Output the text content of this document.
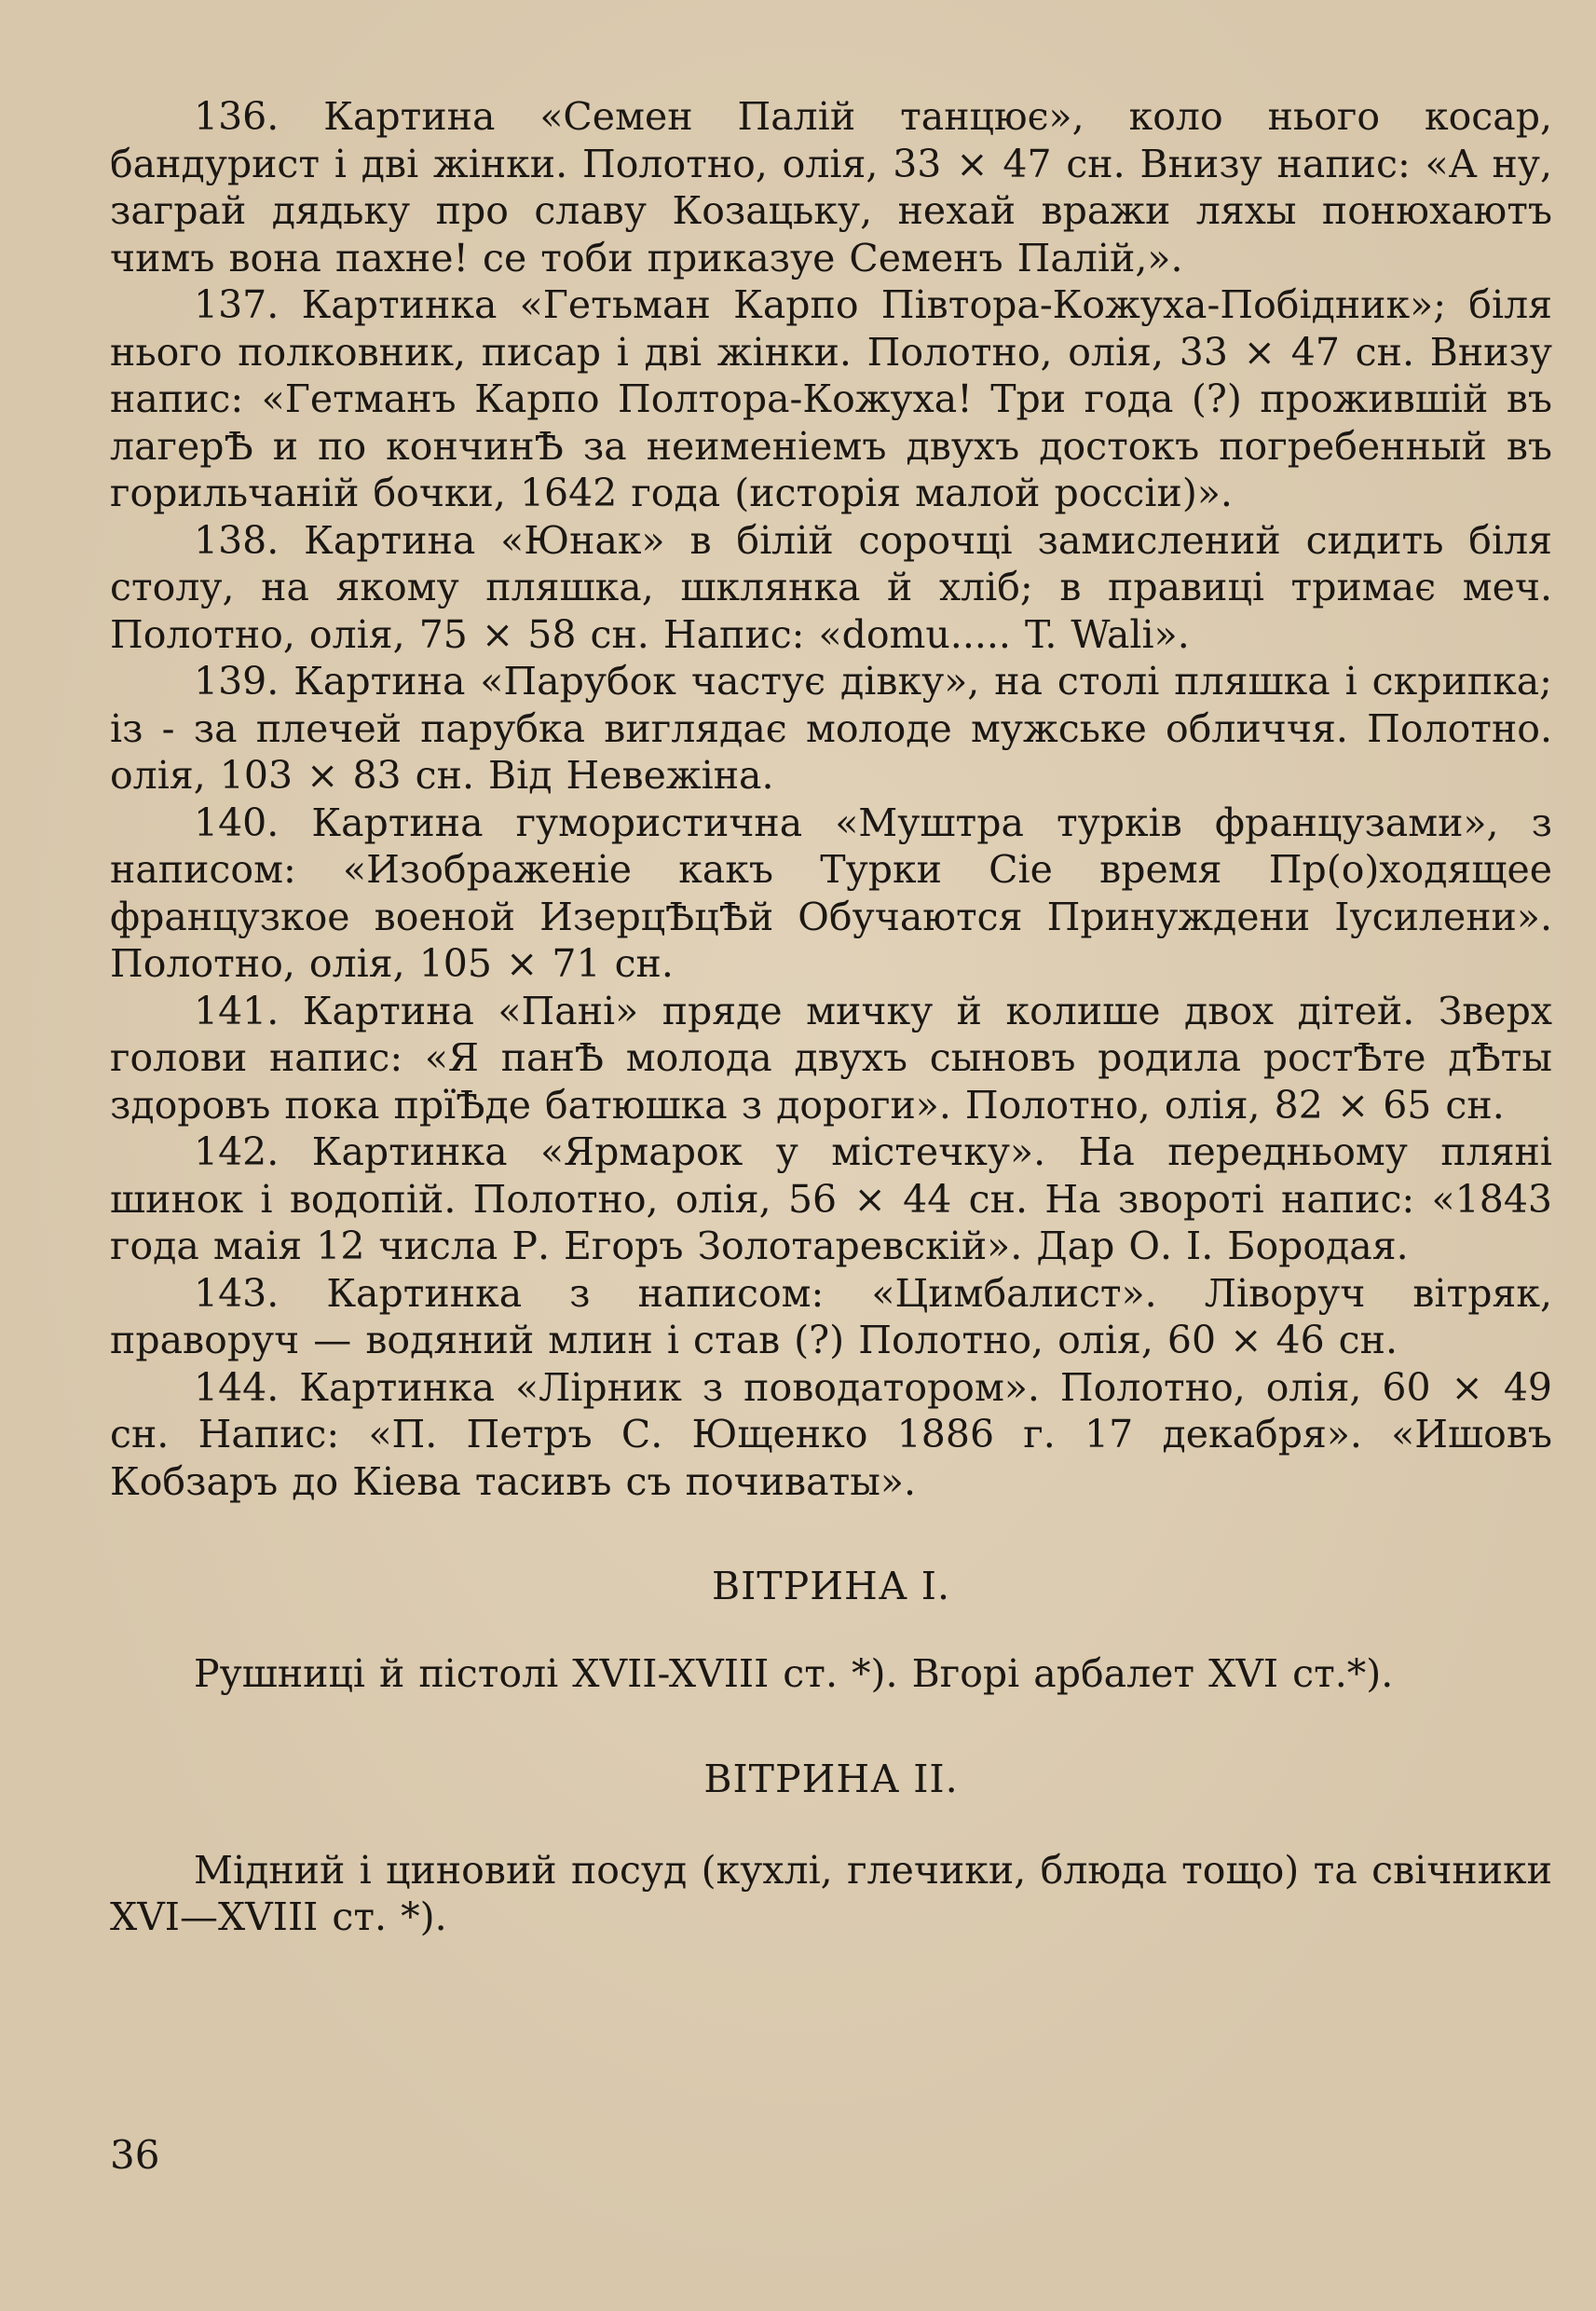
136. Картина «Семен Палій танцює», коло нього косар, бандурист і дві жінки. Полотно, олія, 33 × 47 сн. Внизу напис: «А ну, заграй дядьку про славу Козацьку, нехай вражи ляхы понюхаютъ чимъ вона пахне! се тоби приказуе Семенъ Палій,».

137. Картинка «Гетьман Карпо Півтора-Кожуха-Побідник»; біля нього полковник, писар і дві жінки. Полотно, олія, 33 × 47 сн. Внизу напис: «Гетманъ Карпо Полтора-Кожуха! Три года (?) прожившій въ лагерѢ и по кончинѢ за неименіемъ двухъ достокъ погребенный въ горильчаній бочки, 1642 года (исторія малой россіи)».

138. Картина «Юнак» в білій сорочці замислений сидить біля столу, на якому пляшка, шклянка й хліб; в правиці тримає меч. Полотно, олія, 75 × 58 сн. Напис: «domu..... T. Wali».

139. Картина «Парубок частує дівку», на столі пляшка і скрипка; із - за плечей парубка виглядає молоде мужське обличчя. Полотно. олія, 103 × 83 сн. Від Невежіна.

140. Картина гумористична «Муштра турків французами», з написом: «Изображеніе какъ Турки Сіе время Пр(о)ходящее французкое военой ИзерцѢцѢй Обучаются Принуждени Іусилени». Полотно, олія, 105 × 71 сн.

141. Картина «Пані» пряде мичку й колише двох дітей. Зверх голови напис: «Я панѢ молода двухъ сыновъ родила ростѢте дѢты здоровъ пока прїѢде батюшка з дороги». Полотно, олія, 82 × 65 сн.

142. Картинка «Ярмарок у містечку». На передньому пляні шинок і водопій. Полотно, олія, 56 × 44 сн. На звороті напис: «1843 года маія 12 числа Р. Егоръ Золотаревскій». Дар О. І. Бородая.

143. Картинка з написом: «Цимбалист». Ліворуч вітряк, праворуч — водяний млин і став (?) Полотно, олія, 60 × 46 сн.

144. Картинка «Лірник з поводатором». Полотно, олія, 60 × 49 сн. Напис: «П. Петръ С. Ющенко 1886 г. 17 декабря». «Ишовъ Кобзаръ до Кіева тасивъ съ почиваты».

ВІТРИНА І.

Рушниці й пістолі XVII-XVIII ст. *). Вгорі арбалет XVI ст.*).

ВІТРИНА ІІ.

Мідний і циновий посуд (кухлі, глечики, блюда тощо) та свічники XVI—XVIII ст. *).

36
